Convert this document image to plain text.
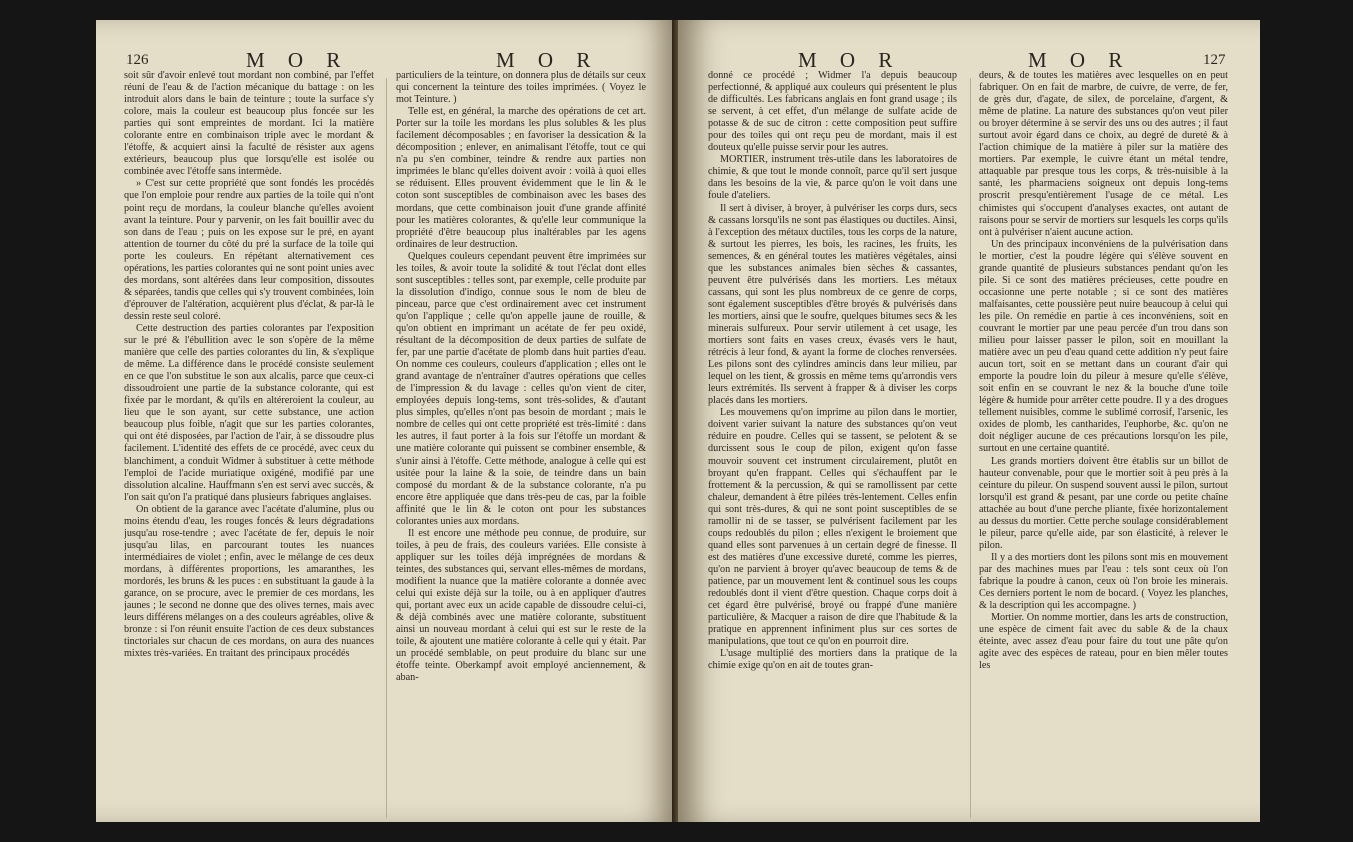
126	M O R	M O R

soit sûr d'avoir enlevé tout mordant non combiné, par l'effet réuni de l'eau & de l'action mécanique du battage : on les introduit alors dans le bain de teinture ; toute la surface s'y colore, mais la couleur est beaucoup plus foncée sur les parties qui sont empreintes de mordant. Ici la matière colorante entre en combinaison triple avec le mordant & l'étoffe, & acquiert ainsi la faculté de résister aux agens extérieurs, beaucoup plus que lorsqu'elle est isolée ou combinée avec l'étoffe sans intermède.

» C'est sur cette propriété que sont fondés les procédés que l'on emploie pour rendre aux parties de la toile qui n'ont point reçu de mordans, la couleur blanche qu'elles avoient avant la teinture. Pour y parvenir, on les fait bouillir avec du son dans de l'eau ; puis on les expose sur le pré, en ayant attention de tourner du côté du pré la surface de la toile qui porte les couleurs. En répétant alternativement ces opérations, les parties colorantes qui ne sont point unies avec des mordans, sont altérées dans leur composition, dissoutes & séparées, tandis que celles qui s'y trouvent combinées, loin d'éprouver de l'altération, acquièrent plus d'éclat, & par-là le dessin reste seul coloré.

Cette destruction des parties colorantes par l'exposition sur le pré & l'ébullition avec le son s'opère de la même manière que celle des parties colorantes du lin, & s'explique de même. La différence dans le procédé consiste seulement en ce que l'on substitue le son aux alcalis, parce que ceux-ci dissoudroient une partie de la substance colorante, qui est fixée par le mordant, & qu'ils en altéreroient la couleur, au lieu que le son ayant, sur cette substance, une action beaucoup plus foible, n'agit que sur les parties colorantes, qui ont été disposées, par l'action de l'air, à se dissoudre plus facilement. L'identité des effets de ce procédé, avec ceux du blanchiment, a conduit Widmer à substituer à cette méthode l'emploi de l'acide muriatique oxigéné, modifié par une dissolution alcaline. Hauffmann s'en est servi avec succès, & l'on sait qu'on l'a pratiqué dans plusieurs fabriques anglaises.

On obtient de la garance avec l'acétate d'alumine, plus ou moins étendu d'eau, les rouges foncés & leurs dégradations jusqu'au rose-tendre ; avec l'acétate de fer, depuis le noir jusqu'au lilas, en parcourant toutes les nuances intermédiaires de violet ; enfin, avec le mélange de ces deux mordans, à différentes proportions, les amaranthes, les mordorés, les bruns & les puces : en substituant la gaude à la garance, on se procure, avec le premier de ces mordans, les jaunes ; le second ne donne que des olives ternes, mais avec leurs différens mélanges on a des couleurs agréables, olive & bronze : si l'on réunit ensuite l'action de ces deux substances tinctoriales sur chacun de ces mordans, on aura des nuances mixtes très-variées. En traitant des principaux procédés

particuliers de la teinture, on donnera plus de détails sur ceux qui concernent la teinture des toiles imprimées. ( Voyez le mot Teinture. )

Telle est, en général, la marche des opérations de cet art. Porter sur la toile les mordans les plus solubles & les plus facilement décomposables ; en favoriser la dessication & la décomposition ; enlever, en animalisant l'étoffe, tout ce qui n'a pu s'en combiner, teindre & rendre aux parties non imprimées le blanc qu'elles doivent avoir : voilà à quoi elles se réduisent. Elles prouvent évidemment que le lin & le coton sont susceptibles de combinaison avec les bases des mordans, que cette combinaison jouit d'une grande affinité pour les matières colorantes, & qu'elle leur communique la propriété d'être beaucoup plus inaltérables par les agens ordinaires de leur destruction.

Quelques couleurs cependant peuvent être imprimées sur les toiles, & avoir toute la solidité & tout l'éclat dont elles sont susceptibles : telles sont, par exemple, celle produite par la dissolution d'indigo, connue sous le nom de bleu de pinceau, parce que c'est ordinairement avec cet instrument qu'on l'applique ; celle qu'on appelle jaune de rouille, & qu'on obtient en imprimant un acétate de fer peu oxidé, résultant de la décomposition de deux parties de sulfate de fer, par une partie d'acétate de plomb dans huit parties d'eau. On nomme ces couleurs, couleurs d'application ; elles ont le grand avantage de n'entraîner d'autres opérations que celles de l'impression & du lavage : celles qu'on vient de citer, employées depuis long-tems, sont très-solides, & d'autant plus simples, qu'elles n'ont pas besoin de mordant ; mais le nombre de celles qui ont cette propriété est très-limité : dans les autres, il faut porter à la fois sur l'étoffe un mordant & une matière colorante qui puissent se combiner ensemble, & s'unir ainsi à l'étoffe. Cette méthode, analogue à celle qui est usitée pour la laine & la soie, de teindre dans un bain composé du mordant & de la substance colorante, n'a pu encore être appliquée que dans très-peu de cas, par la foible affinité que le lin & le coton ont pour les substances colorantes unies aux mordans.

Il est encore une méthode peu connue, de produire, sur toiles, à peu de frais, des couleurs variées. Elle consiste à appliquer sur les toiles déjà imprégnées de mordans & teintes, des substances qui, servant elles-mêmes de mordans, modifient la nuance que la matière colorante a donnée avec celui qui existe déjà sur la toile, ou à en appliquer d'autres qui, portant avec eux un acide capable de dissoudre celui-ci, & déjà combinés avec une matière colorante, substituent ainsi un nouveau mordant à celui qui est sur le reste de la toile, & ajoutent une matière colorante à celle qui y était. Par un procédé semblable, on peut produire du blanc sur une étoffe teinte. Oberkampf avoit employé anciennement, & aban-

M O R	M O R	127

donné ce procédé ; Widmer l'a depuis beaucoup perfectionné, & appliqué aux couleurs qui présentent le plus de difficultés. Les fabricans anglais en font grand usage ; ils se servent, à cet effet, d'un mélange de sulfate acide de potasse & de suc de citron : cette composition peut suffire pour des toiles qui ont reçu peu de mordant, mais il est douteux qu'elle puisse servir pour les autres.

MORTIER, instrument très-utile dans les laboratoires de chimie, & que tout le monde connoît, parce qu'il sert jusque dans les besoins de la vie, & parce qu'on le voit dans une foule d'ateliers.

Il sert à diviser, à broyer, à pulvériser les corps durs, secs & cassans lorsqu'ils ne sont pas élastiques ou ductiles. Ainsi, à l'exception des métaux ductiles, tous les corps de la nature, & surtout les pierres, les bois, les racines, les fruits, les semences, & en général toutes les matières végétales, ainsi que les substances animales bien sèches & cassantes, peuvent être pulvérisés dans les mortiers. Les métaux cassans, qui sont les plus nombreux de ce genre de corps, sont également susceptibles d'être broyés & pulvérisés dans les mortiers, ainsi que le soufre, quelques bitumes secs & les minerais sulfureux. Pour servir utilement à cet usage, les mortiers sont faits en vases creux, évasés vers le haut, rétrécis à leur fond, & ayant la forme de cloches renversées. Les pilons sont des cylindres amincis dans leur milieu, par lequel on les tient, & grossis en même tems qu'arrondis vers leurs extrémités. Ils servent à frapper & à diviser les corps placés dans les mortiers.

Les mouvemens qu'on imprime au pilon dans le mortier, doivent varier suivant la nature des substances qu'on veut réduire en poudre. Celles qui se tassent, se pelotent & se durcissent sous le coup de pilon, exigent qu'on fasse mouvoir souvent cet instrument circulairement, plutôt en broyant qu'en frappant. Celles qui s'échauffent par le frottement & la percussion, & qui se ramollissent par cette chaleur, demandent à être pilées très-lentement. Celles enfin qui sont très-dures, & qui ne sont point susceptibles de se ramollir ni de se tasser, se pulvérisent facilement par les coups redoublés du pilon ; elles n'exigent le broiement que quand elles sont parvenues à un certain degré de finesse. Il est des matières d'une excessive dureté, comme les pierres, qu'on ne parvient à broyer qu'avec beaucoup de tems & de patience, par un mouvement lent & continuel sous les coups redoublés dont il vient d'être question. Chaque corps doit à cet égard être pulvérisé, broyé ou frappé d'une manière particulière, & Macquer a raison de dire que l'habitude & la pratique en apprennent infiniment plus sur ces sortes de manipulations, que tout ce qu'on en pourroit dire.

L'usage multiplié des mortiers dans la pratique de la chimie exige qu'on en ait de toutes gran-

deurs, & de toutes les matières avec lesquelles on en peut fabriquer. On en fait de marbre, de cuivre, de verre, de fer, de grès dur, d'agate, de silex, de porcelaine, d'argent, & même de platine. La nature des substances qu'on veut piler ou broyer détermine à se servir des uns ou des autres ; il faut surtout avoir égard dans ce choix, au degré de dureté & à l'action chimique de la matière à piler sur la matière des mortiers. Par exemple, le cuivre étant un métal tendre, attaquable par presque tous les corps, & très-nuisible à la santé, les pharmaciens soigneux ont depuis long-tems proscrit presqu'entièrement l'usage de ce métal. Les chimistes qui s'occupent d'analyses exactes, ont autant de raisons pour se servir de mortiers sur lesquels les corps qu'ils ont à pulvériser n'aient aucune action.

Un des principaux inconvéniens de la pulvérisation dans le mortier, c'est la poudre légère qui s'élève souvent en grande quantité de plusieurs substances pendant qu'on les pile. Si ce sont des matières précieuses, cette poudre en occasionne une perte notable ; si ce sont des matières malfaisantes, cette poussière peut nuire beaucoup à celui qui les pile. On remédie en partie à ces inconvéniens, soit en couvrant le mortier par une peau percée d'un trou dans son milieu pour laisser passer le pilon, soit en mouillant la matière avec un peu d'eau quand cette addition n'y peut faire aucun tort, soit en se mettant dans un courant d'air qui emporte la poudre loin du pileur à mesure qu'elle s'élève, soit enfin en se couvrant le nez & la bouche d'une toile légère & humide pour arrêter cette poudre. Il y a des drogues tellement nuisibles, comme le sublimé corrosif, l'arsenic, les oxides de plomb, les cantharides, l'euphorbe, &c. qu'on ne doit négliger aucune de ces précautions lorsqu'on les pile, surtout en une certaine quantité.

Les grands mortiers doivent être établis sur un billot de hauteur convenable, pour que le mortier soit à peu près à la ceinture du pileur. On suspend souvent aussi le pilon, surtout lorsqu'il est grand & pesant, par une corde ou petite chaîne attachée au bout d'une perche pliante, fixée horizontalement au dessus du mortier. Cette perche soulage considérablement le pileur, parce qu'elle aide, par son élasticité, à relever le pilon.

Il y a des mortiers dont les pilons sont mis en mouvement par des machines mues par l'eau : tels sont ceux où l'on fabrique la poudre à canon, ceux où l'on broie les minerais. Ces derniers portent le nom de bocard. ( Voyez les planches, & la description qui les accompagne. )

Mortier. On nomme mortier, dans les arts de construction, une espèce de ciment fait avec du sable & de la chaux éteinte, avec assez d'eau pour faire du tout une pâte qu'on agite avec des espèces de rateau, pour en bien mêler toutes les
